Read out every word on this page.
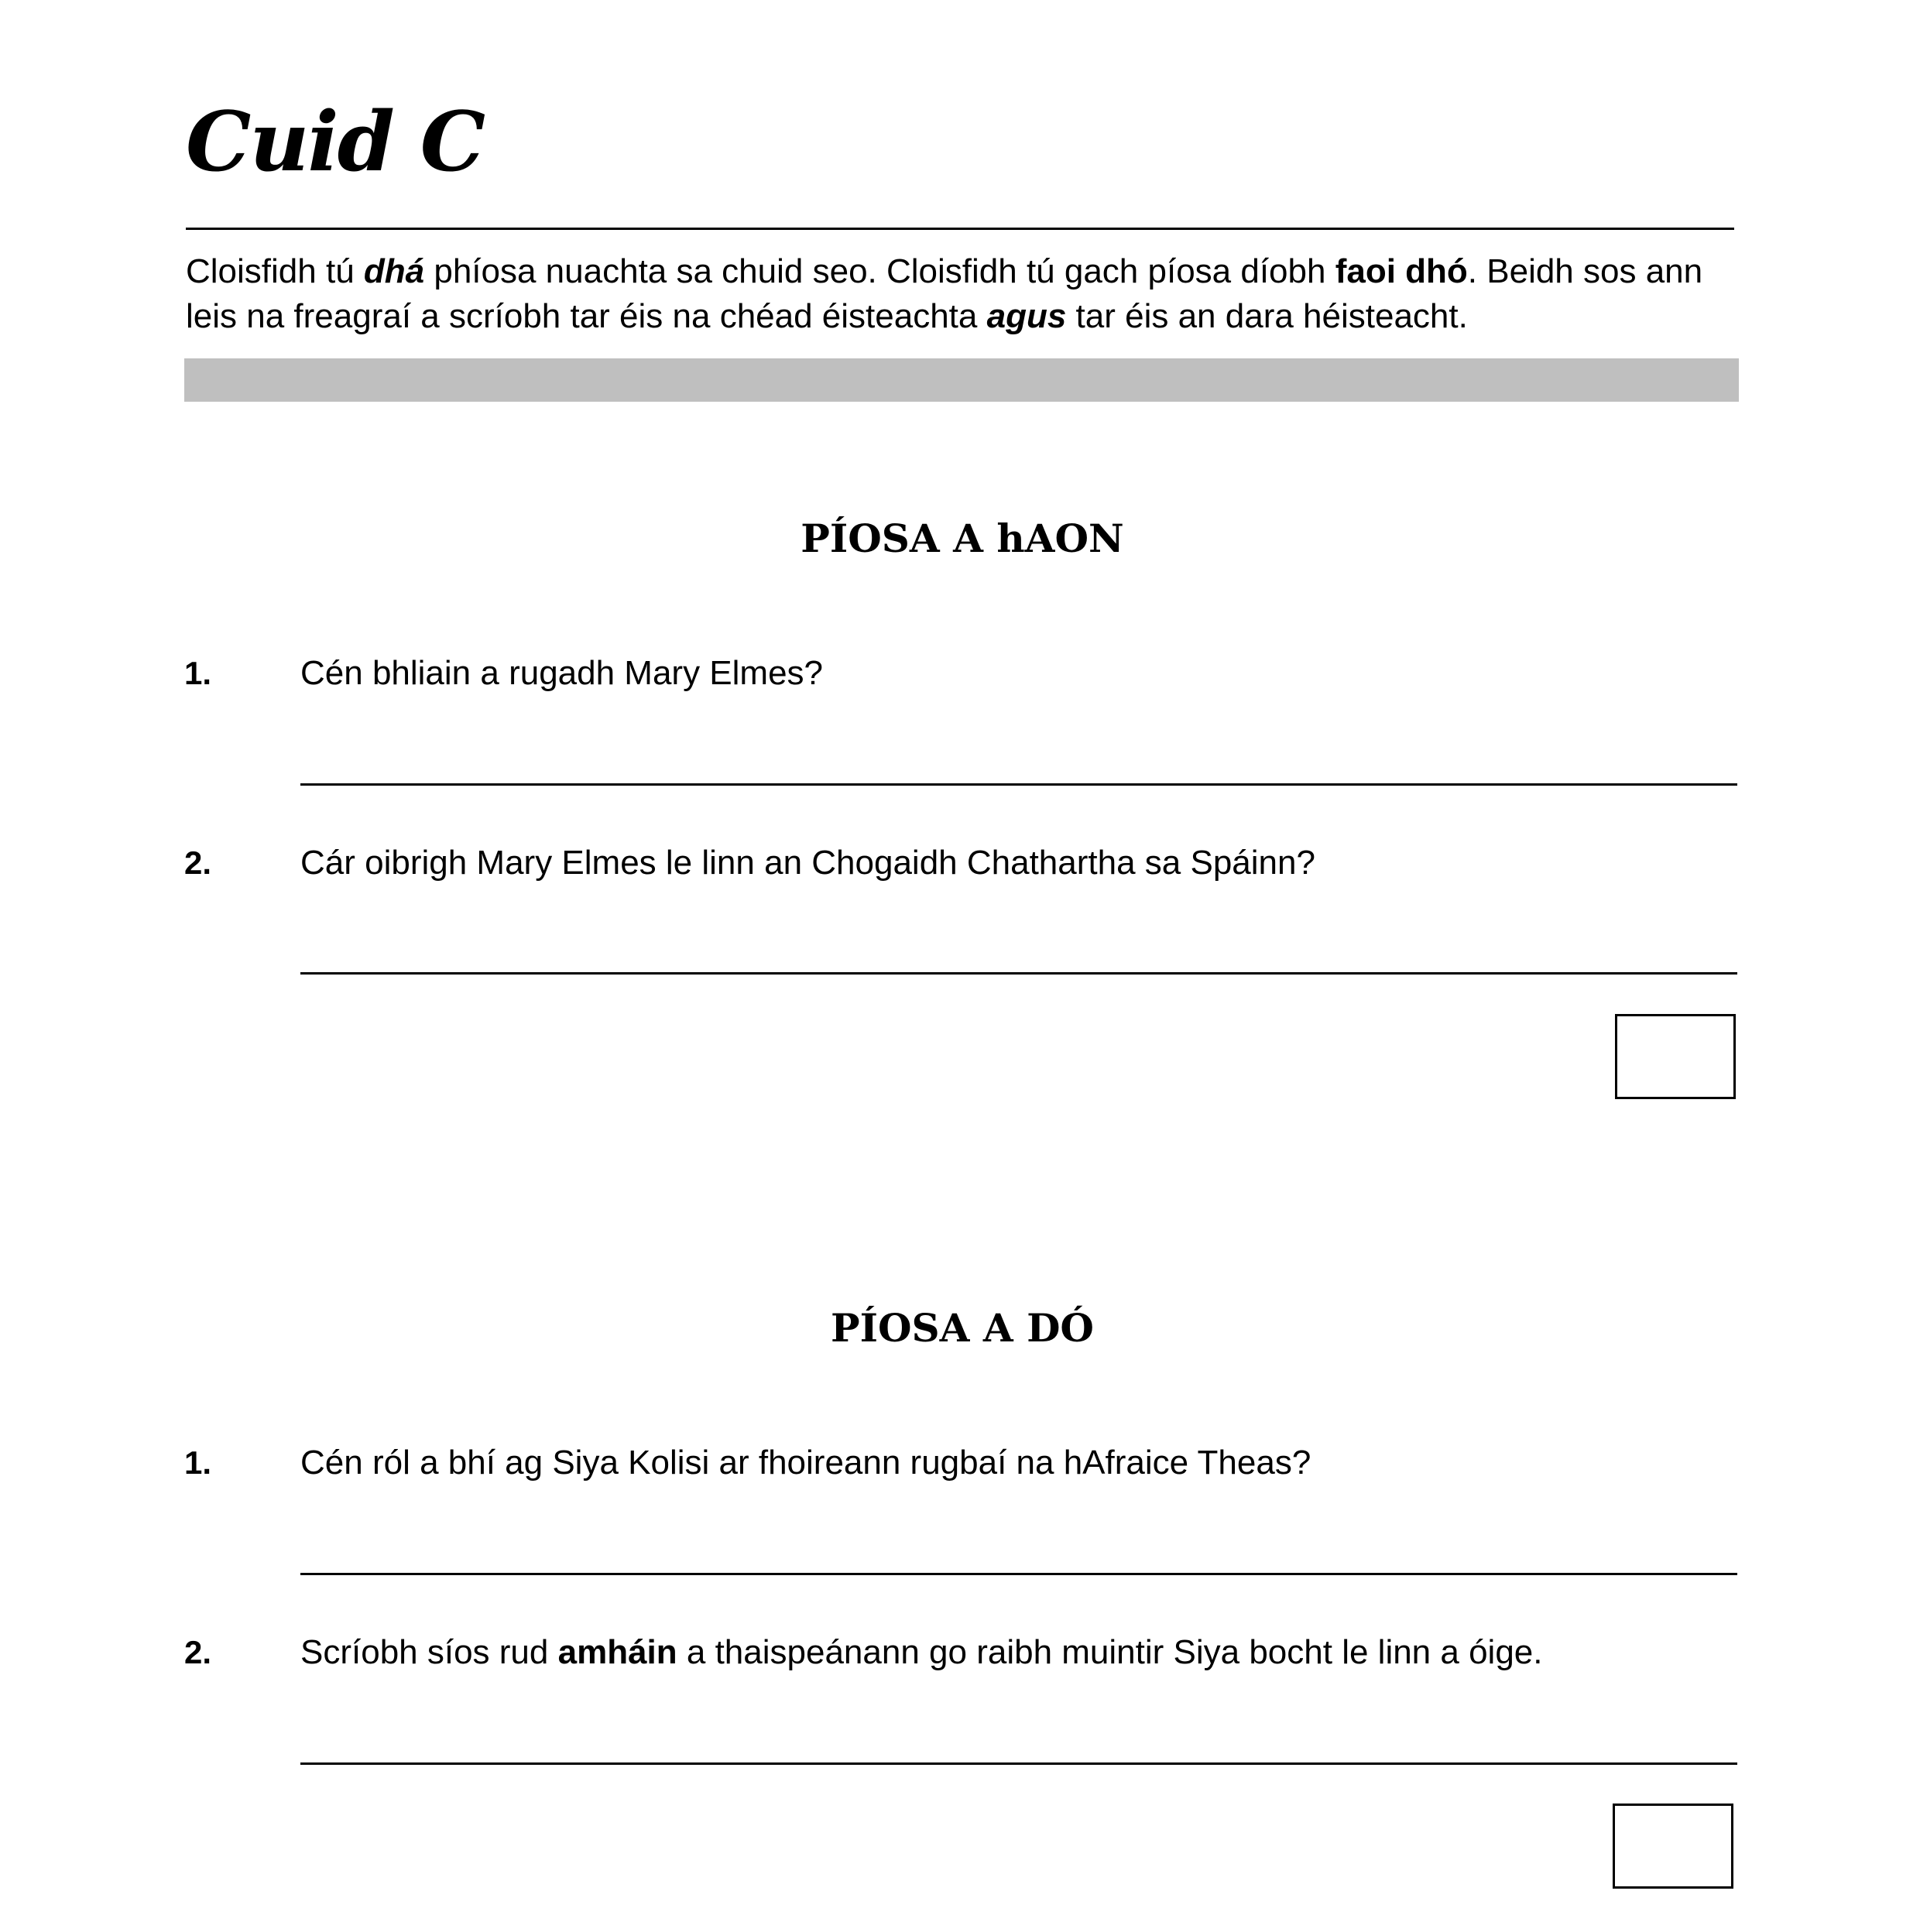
Cuid C

Cloisfidh tú dhá phíosa nuachta sa chuid seo. Cloisfidh tú gach píosa díobh faoi dhó. Beidh sos ann
leis na freagraí a scríobh tar éis na chéad éisteachta agus tar éis an dara héisteacht.

PÍOSA A hAON
1.	Cén bhliain a rugadh Mary Elmes?
2.	Cár oibrigh Mary Elmes le linn an Chogaidh Chathartha sa Spáinn?
PÍOSA A DÓ
1.	Cén ról a bhí ag Siya Kolisi ar fhoireann rugbaí na hAfraice Theas?
2.	Scríobh síos rud amháin a thaispeánann go raibh muintir Siya bocht le linn a óige.
